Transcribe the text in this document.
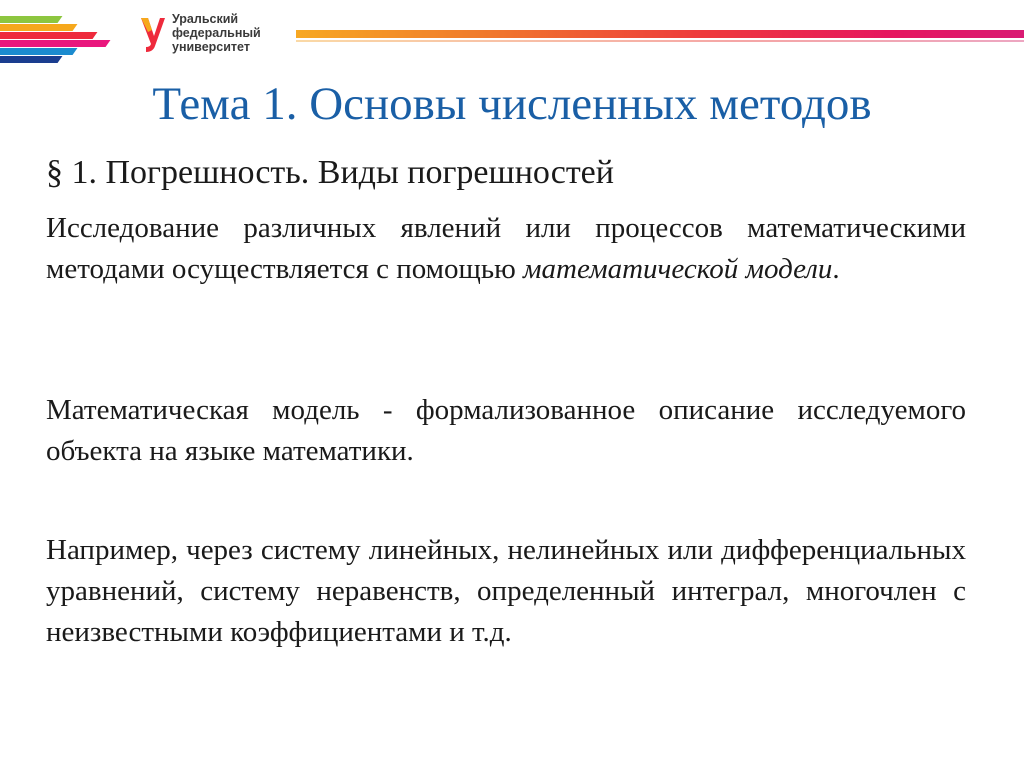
Уральский
федеральный
университет
Тема 1. Основы численных методов
§ 1. Погрешность. Виды погрешностей

Исследование различных явлений или процессов математическими методами осуществляется с помощью математической модели.

Математическая модель - формализованное описание исследуемого объекта на языке математики.

Например, через систему линейных, нелинейных или дифференциальных уравнений, систему неравенств, определенный интеграл, многочлен с неизвестными коэффициентами и т.д.
